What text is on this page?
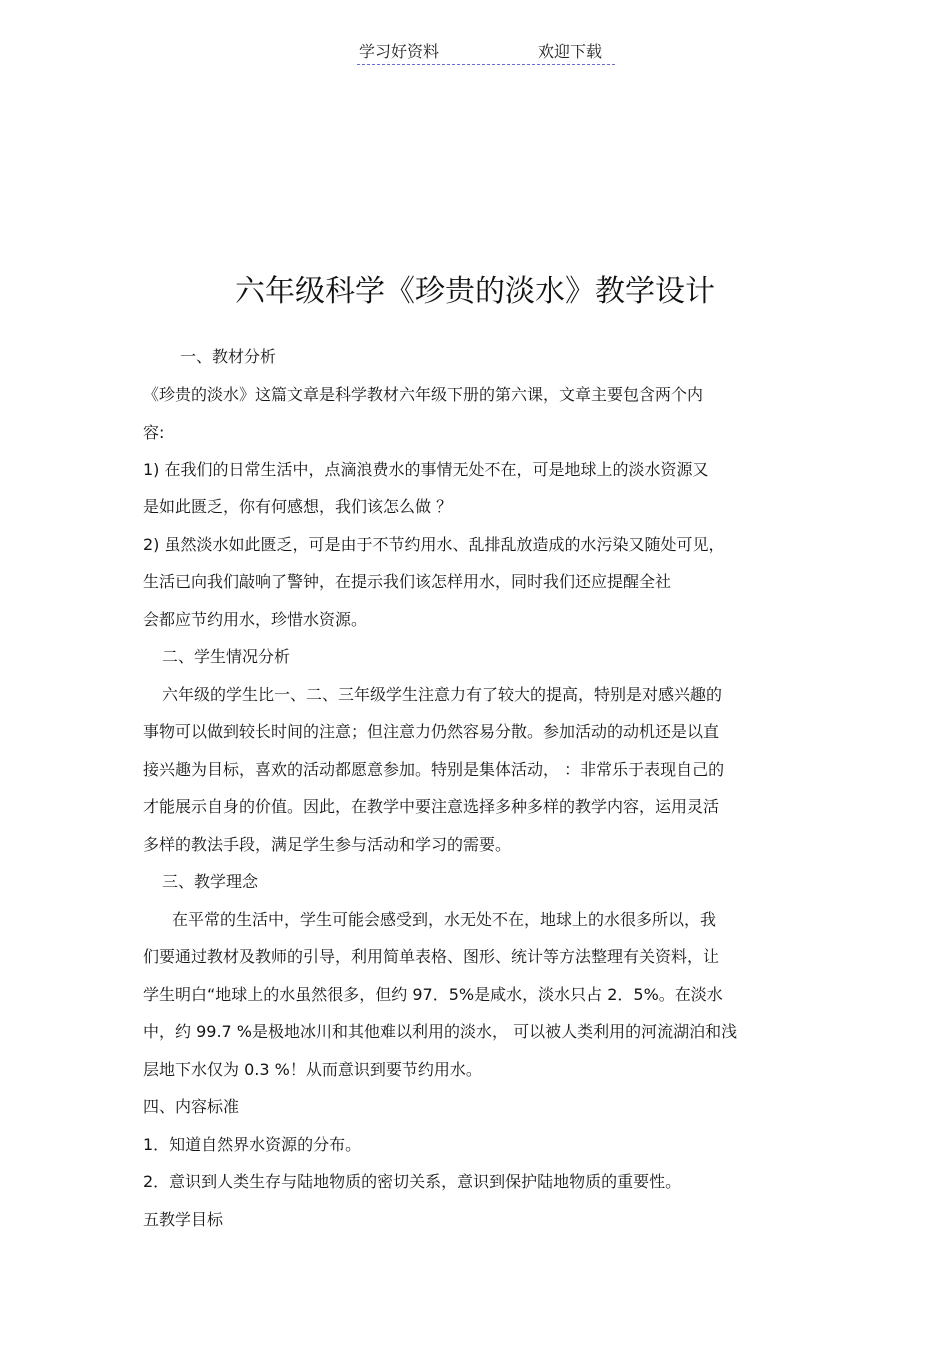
学习好资料	欢迎下载
六年级科学《珍贵的淡水》教学设计
一、教材分析
《珍贵的淡水》这篇文章是科学教材六年级下册的第六课，文章主要包含两个内
容:
1) 在我们的日常生活中，点滴浪费水的事情无处不在，可是地球上的淡水资源又
是如此匮乏，你有何感想，我们该怎么做 ？
2) 虽然淡水如此匮乏，可是由于不节约用水、乱排乱放造成的水污染又随处可见，
生活已向我们敲响了警钟，在提示我们该怎样用水，同时我们还应提醒全社
会都应节约用水，珍惜水资源。
二、学生情况分析
六年级的学生比一、二、三年级学生注意力有了较大的提高，特别是对感兴趣的
事物可以做到较长时间的注意；但注意力仍然容易分散。参加活动的动机还是以直
接兴趣为目标，喜欢的活动都愿意参加。特别是集体活动， ：非常乐于表现自己的
才能展示自身的价值。因此，在教学中要注意选择多种多样的教学内容，运用灵活
多样的教法手段，满足学生参与活动和学习的需要。
三、教学理念
在平常的生活中，学生可能会感受到，水无处不在，地球上的水很多所以，我
们要通过教材及教师的引导，利用简单表格、图形、统计等方法整理有关资料，让
学生明白“地球上的水虽然很多，但约 97．5%是咸水，淡水只占 2．5%。在淡水
中，约 99.7 %是极地冰川和其他难以利用的淡水， 可以被人类利用的河流湖泊和浅
层地下水仅为 0.3 %！从而意识到要节约用水。
四、内容标准
1．知道自然界水资源的分布。
2．意识到人类生存与陆地物质的密切关系，意识到保护陆地物质的重要性。
五教学目标
